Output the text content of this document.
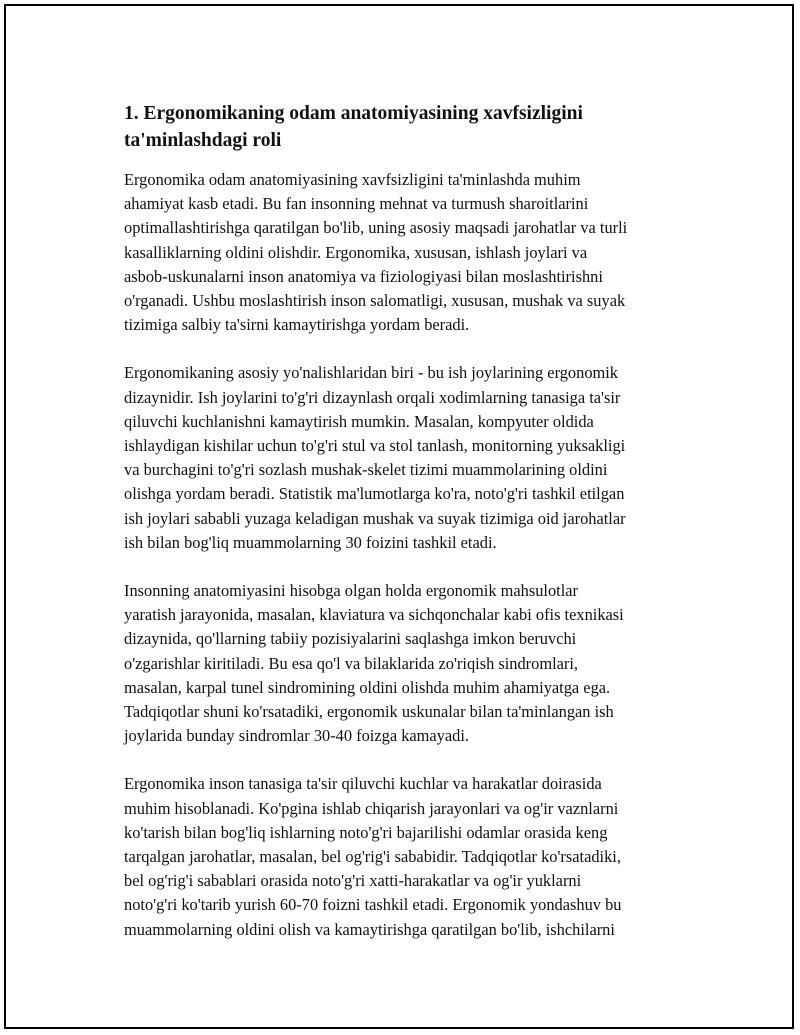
1. Ergonomikaning odam anatomiyasining xavfsizligini
ta'minlashdagi roli

Ergonomika odam anatomiyasining xavfsizligini ta'minlashda muhim
ahamiyat kasb etadi. Bu fan insonning mehnat va turmush sharoitlarini
optimallashtirishga qaratilgan bo'lib, uning asosiy maqsadi jarohatlar va turli
kasalliklarning oldini olishdir. Ergonomika, xususan, ishlash joylari va
asbob-uskunalarni inson anatomiya va fiziologiyasi bilan moslashtirishni
o'rganadi. Ushbu moslashtirish inson salomatligi, xususan, mushak va suyak
tizimiga salbiy ta'sirni kamaytirishga yordam beradi.

Ergonomikaning asosiy yo'nalishlaridan biri - bu ish joylarining ergonomik
dizaynidir. Ish joylarini to'g'ri dizaynlash orqali xodimlarning tanasiga ta'sir
qiluvchi kuchlanishni kamaytirish mumkin. Masalan, kompyuter oldida
ishlaydigan kishilar uchun to'g'ri stul va stol tanlash, monitorning yuksakligi
va burchagini to'g'ri sozlash mushak-skelet tizimi muammolarining oldini
olishga yordam beradi. Statistik ma'lumotlarga ko'ra, noto'g'ri tashkil etilgan
ish joylari sababli yuzaga keladigan mushak va suyak tizimiga oid jarohatlar
ish bilan bog'liq muammolarning 30 foizini tashkil etadi.

Insonning anatomiyasini hisobga olgan holda ergonomik mahsulotlar
yaratish jarayonida, masalan, klaviatura va sichqonchalar kabi ofis texnikasi
dizaynida, qo'llarning tabiiy pozisiyalarini saqlashga imkon beruvchi
o'zgarishlar kiritiladi. Bu esa qo'l va bilaklarida zo'riqish sindromlari,
masalan, karpal tunel sindromining oldini olishda muhim ahamiyatga ega.
Tadqiqotlar shuni ko'rsatadiki, ergonomik uskunalar bilan ta'minlangan ish
joylarida bunday sindromlar 30-40 foizga kamayadi.

Ergonomika inson tanasiga ta'sir qiluvchi kuchlar va harakatlar doirasida
muhim hisoblanadi. Ko'pgina ishlab chiqarish jarayonlari va og'ir vaznlarni
ko'tarish bilan bog'liq ishlarning noto'g'ri bajarilishi odamlar orasida keng
tarqalgan jarohatlar, masalan, bel og'rig'i sababidir. Tadqiqotlar ko'rsatadiki,
bel og'rig'i sabablari orasida noto'g'ri xatti-harakatlar va og'ir yuklarni
noto'g'ri ko'tarib yurish 60-70 foizni tashkil etadi. Ergonomik yondashuv bu
muammolarning oldini olish va kamaytirishga qaratilgan bo'lib, ishchilarni
